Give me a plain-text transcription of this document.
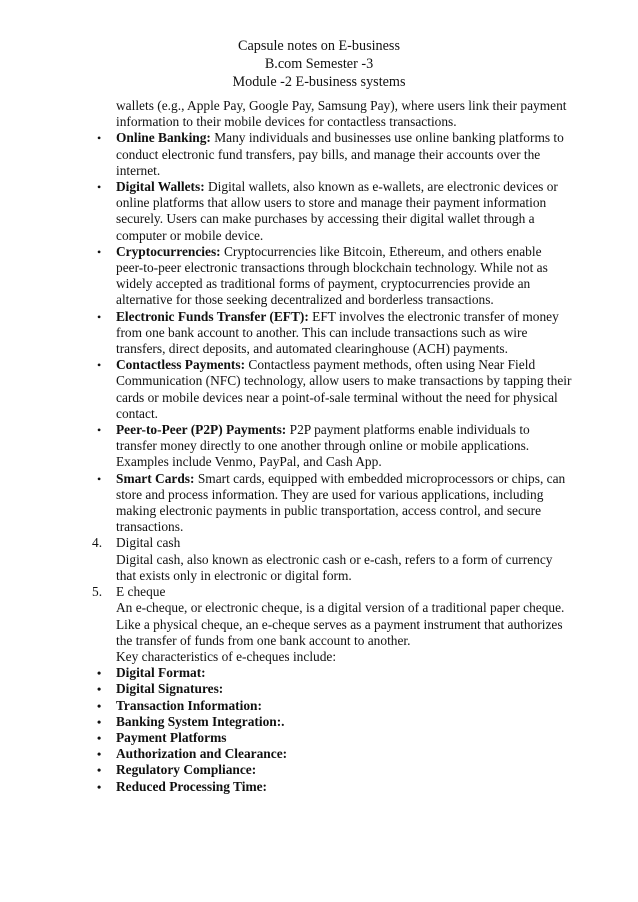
Capsule notes on E-business
B.com Semester -3
Module -2 E-business systems
wallets (e.g., Apple Pay, Google Pay, Samsung Pay), where users link their payment information to their mobile devices for contactless transactions.
• Online Banking: Many individuals and businesses use online banking platforms to conduct electronic fund transfers, pay bills, and manage their accounts over the internet.
• Digital Wallets: Digital wallets, also known as e-wallets, are electronic devices or online platforms that allow users to store and manage their payment information securely. Users can make purchases by accessing their digital wallet through a computer or mobile device.
• Cryptocurrencies: Cryptocurrencies like Bitcoin, Ethereum, and others enable peer-to-peer electronic transactions through blockchain technology. While not as widely accepted as traditional forms of payment, cryptocurrencies provide an alternative for those seeking decentralized and borderless transactions.
• Electronic Funds Transfer (EFT): EFT involves the electronic transfer of money from one bank account to another. This can include transactions such as wire transfers, direct deposits, and automated clearinghouse (ACH) payments.
• Contactless Payments: Contactless payment methods, often using Near Field Communication (NFC) technology, allow users to make transactions by tapping their cards or mobile devices near a point-of-sale terminal without the need for physical contact.
• Peer-to-Peer (P2P) Payments: P2P payment platforms enable individuals to transfer money directly to one another through online or mobile applications. Examples include Venmo, PayPal, and Cash App.
• Smart Cards: Smart cards, equipped with embedded microprocessors or chips, can store and process information. They are used for various applications, including making electronic payments in public transportation, access control, and secure transactions.
4. Digital cash
Digital cash, also known as electronic cash or e-cash, refers to a form of currency that exists only in electronic or digital form.
5. E cheque
An e-cheque, or electronic cheque, is a digital version of a traditional paper cheque. Like a physical cheque, an e-cheque serves as a payment instrument that authorizes the transfer of funds from one bank account to another.
Key characteristics of e-cheques include:
• Digital Format:
• Digital Signatures:
• Transaction Information:
• Banking System Integration:.
• Payment Platforms
• Authorization and Clearance:
• Regulatory Compliance:
• Reduced Processing Time:
